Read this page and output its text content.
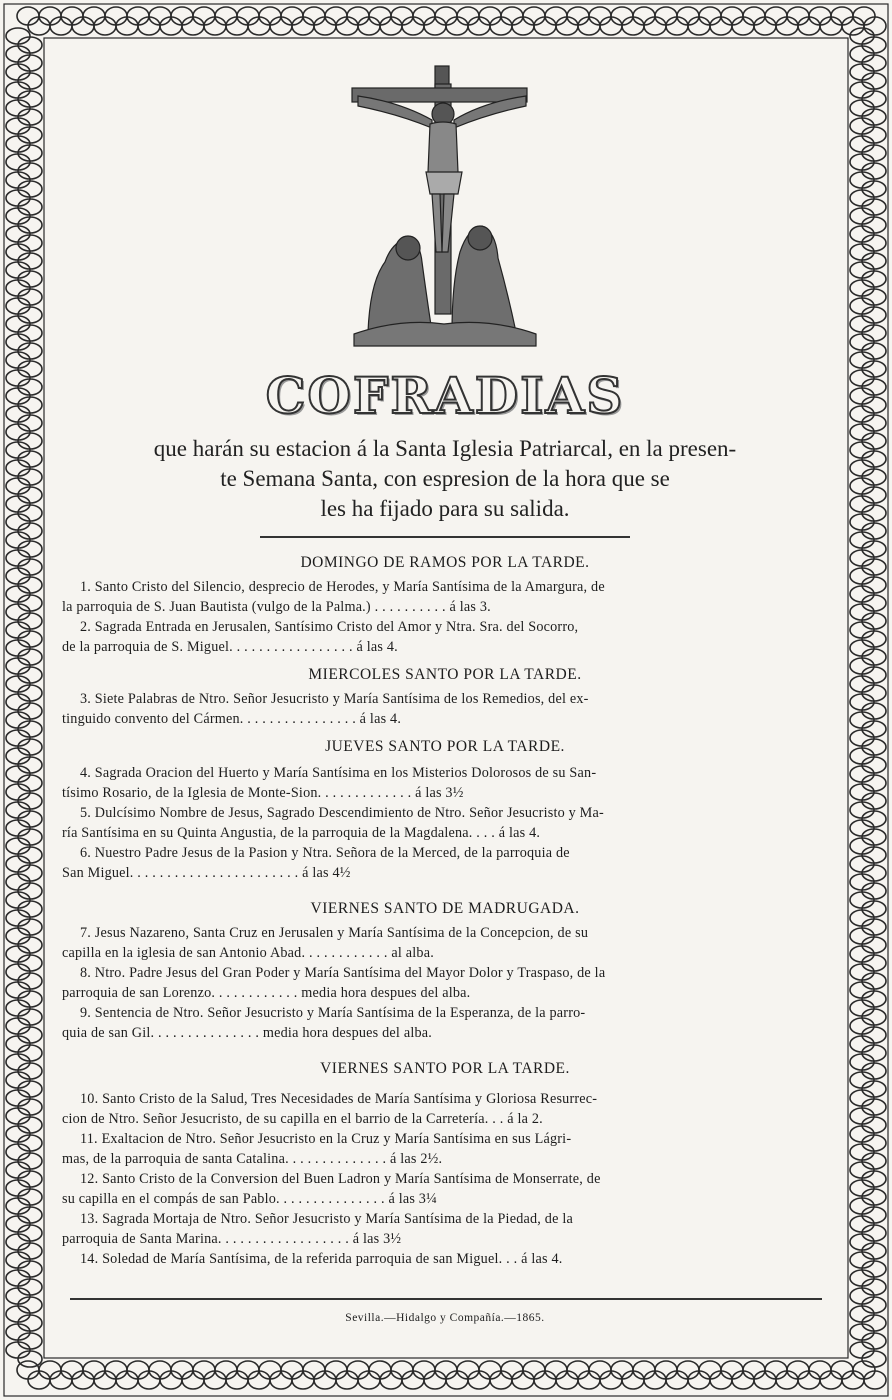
COFRADIAS
que harán su estacion á la Santa Iglesia Patriarcal, en la presen-
te Semana Santa, con espresion de la hora que se
les ha fijado para su salida.
DOMINGO DE RAMOS POR LA TARDE.
1. Santo Cristo del Silencio, desprecio de Herodes, y María Santísima de la Amargura, de
la parroquia de S. Juan Bautista (vulgo de la Palma.) . . . . . . . . . . á las 3.
2. Sagrada Entrada en Jerusalen, Santísimo Cristo del Amor y Ntra. Sra. del Socorro,
de la parroquia de S. Miguel. . . . . . . . . . . . . . . . . á las 4.
MIERCOLES SANTO POR LA TARDE.
3. Siete Palabras de Ntro. Señor Jesucristo y María Santísima de los Remedios, del ex-
tinguido convento del Cármen. . . . . . . . . . . . . . . . á las 4.
JUEVES SANTO POR LA TARDE.
4. Sagrada Oracion del Huerto y María Santísima en los Misterios Dolorosos de su San-
tísimo Rosario, de la Iglesia de Monte-Sion. . . . . . . . . . . . . á las 3½
5. Dulcísimo Nombre de Jesus, Sagrado Descendimiento de Ntro. Señor Jesucristo y Ma-
ría Santísima en su Quinta Angustia, de la parroquia de la Magdalena. . . . á las 4.
6. Nuestro Padre Jesus de la Pasion y Ntra. Señora de la Merced, de la parroquia de
San Miguel. . . . . . . . . . . . . . . . . . . . . . . á las 4½
VIERNES SANTO DE MADRUGADA.
7. Jesus Nazareno, Santa Cruz en Jerusalen y María Santísima de la Concepcion, de su
capilla en la iglesia de san Antonio Abad. . . . . . . . . . . . al alba.
8. Ntro. Padre Jesus del Gran Poder y María Santísima del Mayor Dolor y Traspaso, de la
parroquia de san Lorenzo. . . . . . . . . . . . media hora despues del alba.
9. Sentencia de Ntro. Señor Jesucristo y María Santísima de la Esperanza, de la parro-
quia de san Gil. . . . . . . . . . . . . . . media hora despues del alba.
VIERNES SANTO POR LA TARDE.
10. Santo Cristo de la Salud, Tres Necesidades de María Santísima y Gloriosa Resurrec-
cion de Ntro. Señor Jesucristo, de su capilla en el barrio de la Carretería. . . á la 2.
11. Exaltacion de Ntro. Señor Jesucristo en la Cruz y María Santísima en sus Lágri-
mas, de la parroquia de santa Catalina. . . . . . . . . . . . . . á las 2½.
12. Santo Cristo de la Conversion del Buen Ladron y María Santísima de Monserrate, de
su capilla en el compás de san Pablo. . . . . . . . . . . . . . . á las 3¼
13. Sagrada Mortaja de Ntro. Señor Jesucristo y María Santísima de la Piedad, de la
parroquia de Santa Marina. . . . . . . . . . . . . . . . . . á las 3½
14. Soledad de María Santísima, de la referida parroquia de san Miguel. . . á las 4.
Sevilla.—Hidalgo y Compañía.—1865.
